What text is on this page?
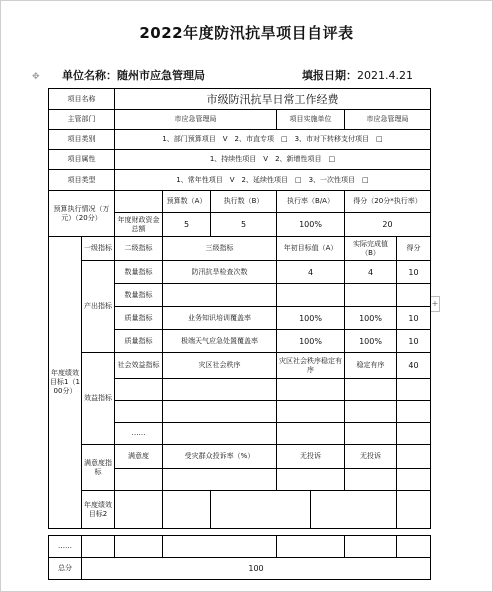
2022年度防汛抗旱项目自评表
✥ 单位名称：随州市应急管理局	填报日期：2021.4.21
+
项目名称		市级防汛抗旱日常工作经费							
主管部门		市应急管理局			项目实施单位		市应急管理局		
项目类别		1、部门预算项目　V　2、市直专项　□　3、市对下转移支付项目　□							
项目属性		1、持续性项目　V　2、新增性项目　□							
项目类型		1、常年性项目　V　2、延续性项目　□　3、一次性项目　□							
预算执行情况（万元）（20分）			预算数（A）	执行数（B）	执行率（B/A）		得分（20分*执行率）		
		年度财政资金总额	5	5	100%		20		
年度绩效目标1（100分）	一级指标	二级指标	三级指标		年初目标值（A）		实际完成值（B）	得分	
	产出指标	数量指标	防汛抗旱检查次数		4		4	10	
		数量指标							
		质量指标	业务知识培训覆盖率		100%		100%	10	
		质量指标	极端天气应急处置覆盖率		100%		100%	10	
	效益指标	社会效益指标	灾区社会秩序		灾区社会秩序稳定有序		稳定有序	40	

		……							
	满意度指标	满意度	受灾群众投诉率（%）		无投诉		无投诉		

	年度绩效目标2								
……						
总分	100					
